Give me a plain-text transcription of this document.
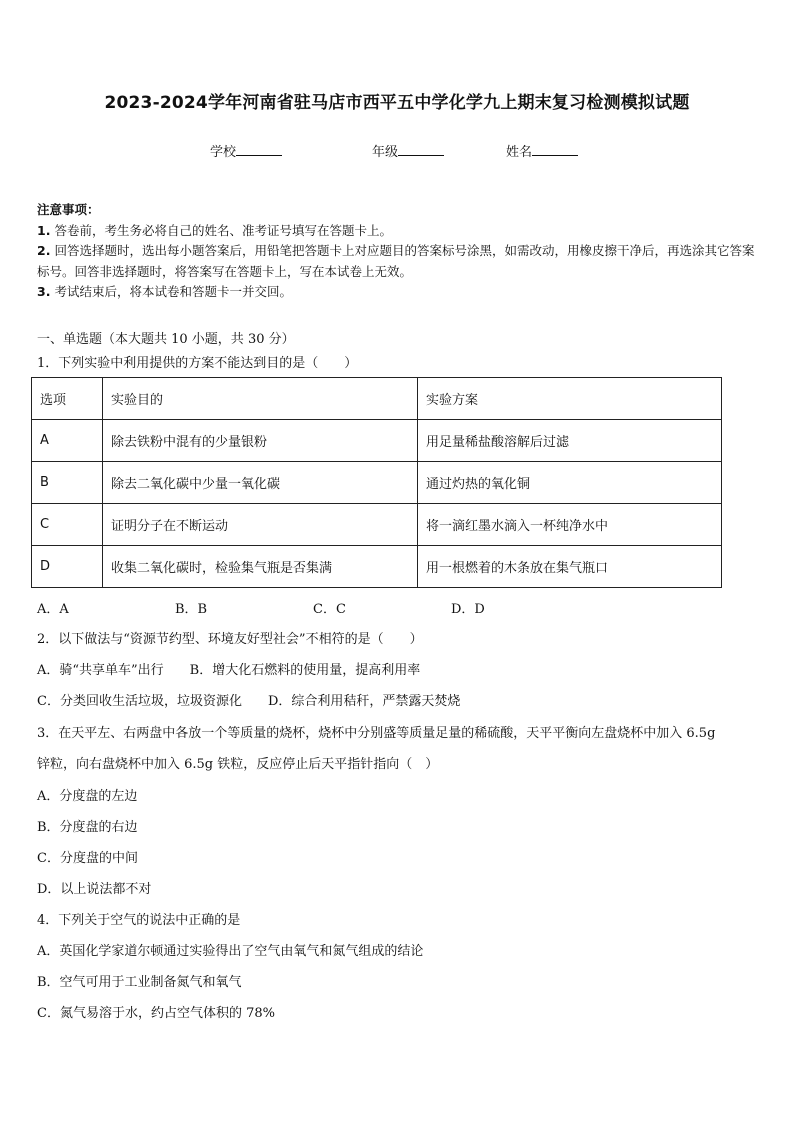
2023-2024学年河南省驻马店市西平五中学化学九上期末复习检测模拟试题
学校	年级	姓名

注意事项：

1. 答卷前，考生务必将自己的姓名、准考证号填写在答题卡上。

2. 回答选择题时，选出每小题答案后，用铅笔把答题卡上对应题目的答案标号涂黑，如需改动，用橡皮擦干净后，再选涂其它答案标号。回答非选择题时，将答案写在答题卡上，写在本试卷上无效。

3. 考试结束后，将本试卷和答题卡一并交回。

一、单选题（本大题共 10 小题，共 30 分）
1．下列实验中利用提供的方案不能达到目的是（　　）
选项	实验目的	实验方案
A	除去铁粉中混有的少量银粉	用足量稀盐酸溶解后过滤
B	除去二氧化碳中少量一氧化碳	通过灼热的氧化铜
C	证明分子在不断运动	将一滴红墨水滴入一杯纯净水中
D	收集二氧化碳时，检验集气瓶是否集满	用一根燃着的木条放在集气瓶口
A．A	B．B	C．C	D．D
2．以下做法与“资源节约型、环境友好型社会”不相符的是（　　）
A．骑“共享单车”出行　　B．增大化石燃料的使用量，提高利用率
C．分类回收生活垃圾，垃圾资源化　　D．综合利用秸秆，严禁露天焚烧
3．在天平左、右两盘中各放一个等质量的烧杯，烧杯中分别盛等质量足量的稀硫酸，天平平衡向左盘烧杯中加入 6.5g
锌粒，向右盘烧杯中加入 6.5g 铁粒，反应停止后天平指针指向（　）
A．分度盘的左边
B．分度盘的右边
C．分度盘的中间
D．以上说法都不对
4．下列关于空气的说法中正确的是
A．英国化学家道尔顿通过实验得出了空气由氧气和氮气组成的结论
B．空气可用于工业制备氮气和氧气
C．氮气易溶于水，约占空气体积的 78%
